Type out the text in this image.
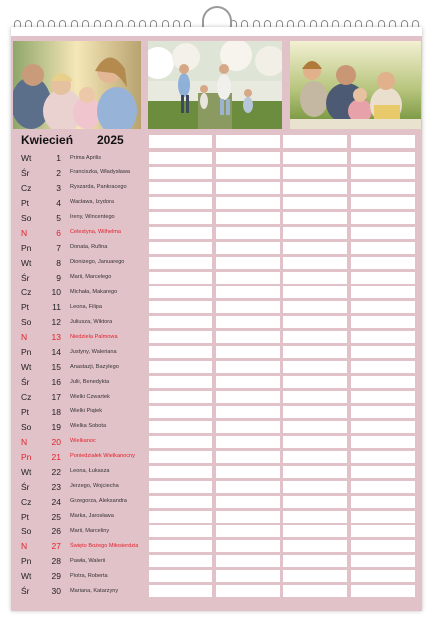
Kwiecień 2025
Wt	1 Prima Aprilis
Śr	2 Franciszka, Władysława
Cz	3 Ryszarda, Pankracego
Pt	4 Wacława, Izydora
So	5 Ireny, Wincentego
N	6 Celestyna, Wilhelma
Pn	7 Donata, Rufina
Wt	8 Dionizego, Januarego
Śr	9 Marii, Marcelego
Cz	10 Michała, Makarego
Pt	11 Leona, Filipa
So	12 Juliusza, Wiktora
N	13 Niedziela Palmowa
Pn	14 Justyny, Waleriana
Wt	15 Anastazji, Bazylego
Śr	16 Julii, Benedykta
Cz	17 Wielki Czwartek
Pt	18 Wielki Piątek
So	19 Wielka Sobota
N	20 Wielkanoc
Pn	21 Poniedziałek Wielkanocny
Wt	22 Leona, Łukasza
Śr	23 Jerzego, Wojciecha
Cz	24 Grzegorza, Aleksandra
Pt	25 Marka, Jarosława
So	26 Marii, Marceliny
N	27 Święto Bożego Miłosierdzia
Pn	28 Pawła, Walerii
Wt	29 Piotra, Roberta
Śr	30 Mariana, Katarzyny
